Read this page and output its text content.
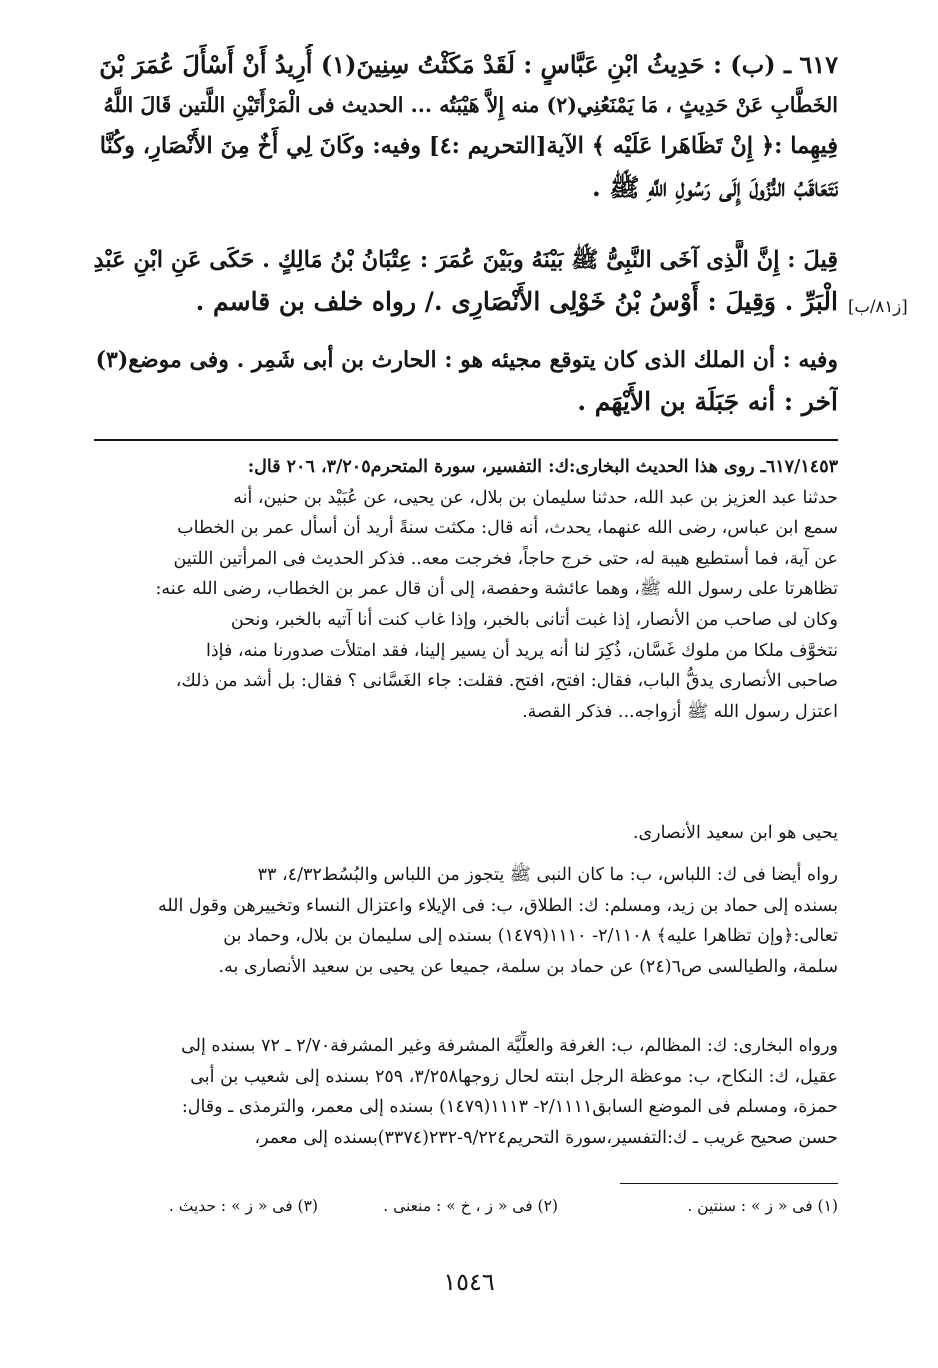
٦١٧ ـ (ب) : حَدِيثُ ابْنِ عَبَّاسٍ : لَقَدْ مَكَثْتُ سِنِينَ(١) أُرِيدُ أَنْ أَسْأَلَ عُمَرَ بْنَ
الخَطَّابِ عَنْ حَدِيثٍ ، مَا يَمْنَعُنِي(٢) منه إِلاَّ هَيْبَتُه ... الحديث فى الْمَرْأَتَيْنِ اللَّتين قَالَ اللَّهُ
فِيهِما :﴿ إِنْ تَظَاهَرا عَلَيْه ﴾ الآية[التحريم :٤] وفيه: وكَانَ لِي أَخٌ مِنَ الأَنْصَارِ، وكُنَّا
نَتَعَاقَبُ النُّزُولَ إِلَى رَسُولِ اللَّهِ ﷺ .
قِيلَ : إِنَّ الَّذِى آخَى النَّبِىُّ ﷺ بَيْنَهُ وبَيْنَ عُمَرَ : عِتْبَانُ بْنُ مَالِكٍ . حَكَى عَنِ ابْنِ عَبْدِ
الْبَرِّ . وَقِيلَ : أَوْسُ بْنُ خَوْلِى الأَنْصَارِى ./ رواه خلف بن قاسم . [ز٨١/ب]
وفيه : أن الملك الذى كان يتوقع مجيئه هو : الحارث بن أبى شَمِر . وفى موضع(٣)
آخر : أنه جَبَلَة بن الأَيْهَم .
٦١٧/١٤٥٣ـ روى هذا الحديث البخارى:ك: التفسير، سورة المتحرم٣/٢٠٥، ٢٠٦ قال:
حدثنا عبد العزيز بن عبد الله، حدثنا سليمان بن بلال، عن يحيى، عن عُبَيْد بن حنين، أنه
سمع ابن عباس، رضى الله عنهما، يحدث، أنه قال: مكثت سنةً أريد أن أسأل عمر بن الخطاب
عن آية، فما أستطيع هيبة له، حتى خرج حاجاً، فخرجت معه.. فذكر الحديث فى المرأتين اللتين
تظاهرتا على رسول الله ﷺ، وهما عائشة وحفصة، إلى أن قال عمر بن الخطاب، رضى الله عنه:
وكان لى صاحب من الأنصار، إذا غبت أتانى بالخبر، وإذا غاب كنت أنا آتيه بالخبر، ونحن
نتخوَّف ملكا من ملوك غَسَّان، ذُكِرَ لنا أنه يريد أن يسير إلينا، فقد امتلأت صدورنا منه، فإذا
صاحبى الأنصارى يدقُّ الباب، فقال: افتح، افتح. فقلت: جاء الغَسَّانى ؟ فقال: بل أشد من ذلك،
اعتزل رسول الله ﷺ أزواجه... فذكر القصة.
يحيى هو ابن سعيد الأنصارى.
رواه أيضا فى ك: اللباس، ب: ما كان النبى ﷺ يتجوز من اللباس والبُسُط٤/٣٢، ٣٣
بسنده إلى حماد بن زيد، ومسلم: ك: الطلاق، ب: فى الإيلاء واعتزال النساء وتخييرهن وقول الله
تعالى:﴿وإن تظاهرا عليه﴾ ٢/١١٠٨- ١١١٠(١٤٧٩) بسنده إلى سليمان بن بلال، وحماد بن
سلمة، والطيالسى ص٦(٢٤) عن حماد بن سلمة، جميعا عن يحيى بن سعيد الأنصارى به.
ورواه البخارى: ك: المظالم، ب: الغرفة والعلِّيَّة المشرفة وغير المشرفة٢/٧٠ ـ ٧٢ بسنده إلى
عقيل، ك: النكاح، ب: موعظة الرجل ابنته لحال زوجها٣/٢٥٨، ٢٥٩ بسنده إلى شعيب بن أبى
حمزة، ومسلم فى الموضع السابق٢/١١١١- ١١١٣(١٤٧٩) بسنده إلى معمر، والترمذى ـ وقال:
حسن صحيح غريب ـ ك:التفسير،سورة التحريم٩/٢٢٤-٢٣٢(٣٣٧٤)بسنده إلى معمر،
(١) فى « ز » : سنتين .
(٢) فى « ز ، خ » : منعنى .
(٣) فى « ز » : حديث .
١٥٤٦
